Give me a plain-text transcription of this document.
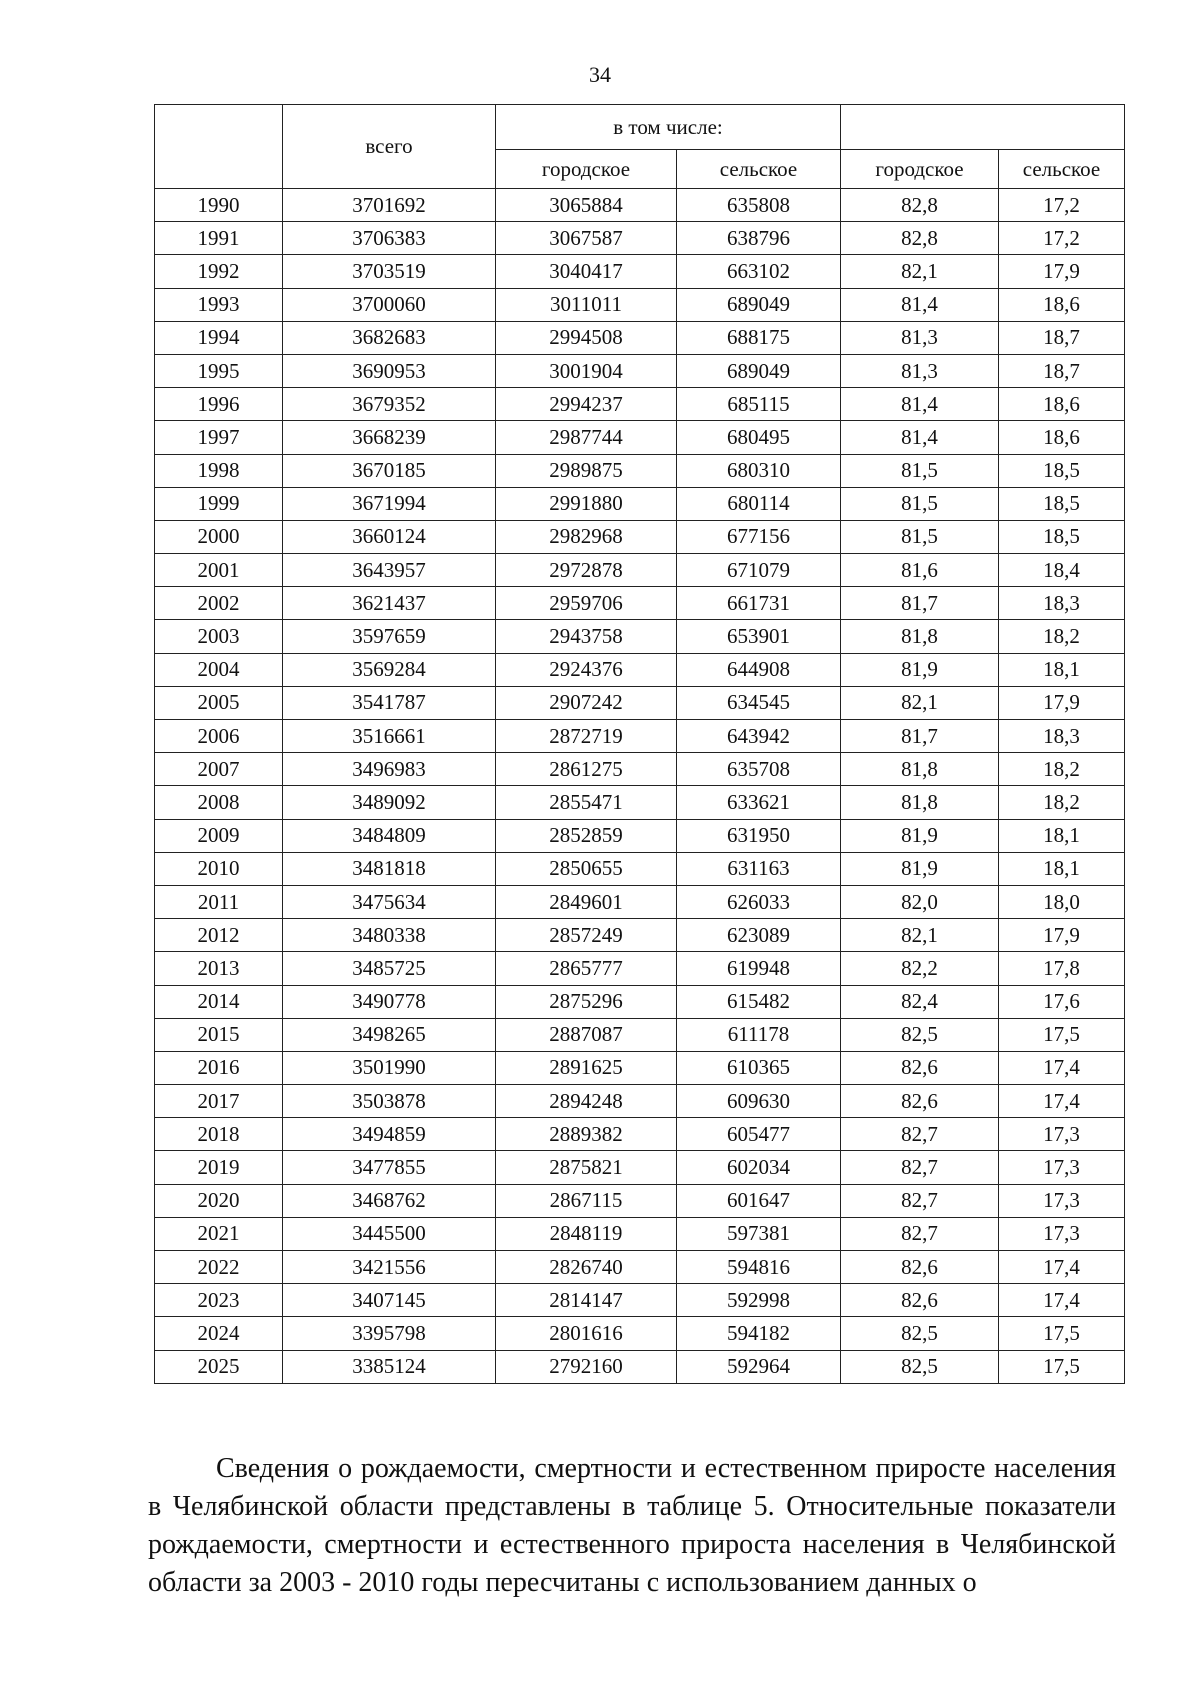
34
	всего	в том числе:			
		городское	сельское	городское	сельское
1990	3701692	3065884	635808	82,8	17,2
1991	3706383	3067587	638796	82,8	17,2
1992	3703519	3040417	663102	82,1	17,9
1993	3700060	3011011	689049	81,4	18,6
1994	3682683	2994508	688175	81,3	18,7
1995	3690953	3001904	689049	81,3	18,7
1996	3679352	2994237	685115	81,4	18,6
1997	3668239	2987744	680495	81,4	18,6
1998	3670185	2989875	680310	81,5	18,5
1999	3671994	2991880	680114	81,5	18,5
2000	3660124	2982968	677156	81,5	18,5
2001	3643957	2972878	671079	81,6	18,4
2002	3621437	2959706	661731	81,7	18,3
2003	3597659	2943758	653901	81,8	18,2
2004	3569284	2924376	644908	81,9	18,1
2005	3541787	2907242	634545	82,1	17,9
2006	3516661	2872719	643942	81,7	18,3
2007	3496983	2861275	635708	81,8	18,2
2008	3489092	2855471	633621	81,8	18,2
2009	3484809	2852859	631950	81,9	18,1
2010	3481818	2850655	631163	81,9	18,1
2011	3475634	2849601	626033	82,0	18,0
2012	3480338	2857249	623089	82,1	17,9
2013	3485725	2865777	619948	82,2	17,8
2014	3490778	2875296	615482	82,4	17,6
2015	3498265	2887087	611178	82,5	17,5
2016	3501990	2891625	610365	82,6	17,4
2017	3503878	2894248	609630	82,6	17,4
2018	3494859	2889382	605477	82,7	17,3
2019	3477855	2875821	602034	82,7	17,3
2020	3468762	2867115	601647	82,7	17,3
2021	3445500	2848119	597381	82,7	17,3
2022	3421556	2826740	594816	82,6	17,4
2023	3407145	2814147	592998	82,6	17,4
2024	3395798	2801616	594182	82,5	17,5
2025	3385124	2792160	592964	82,5	17,5

Сведения о рождаемости, смертности и естественном приросте населения в Челябинской области представлены в таблице 5. Относительные показатели рождаемости, смертности и естественного прироста населения в Челябинской области за 2003 - 2010 годы пересчитаны с использованием данных о
